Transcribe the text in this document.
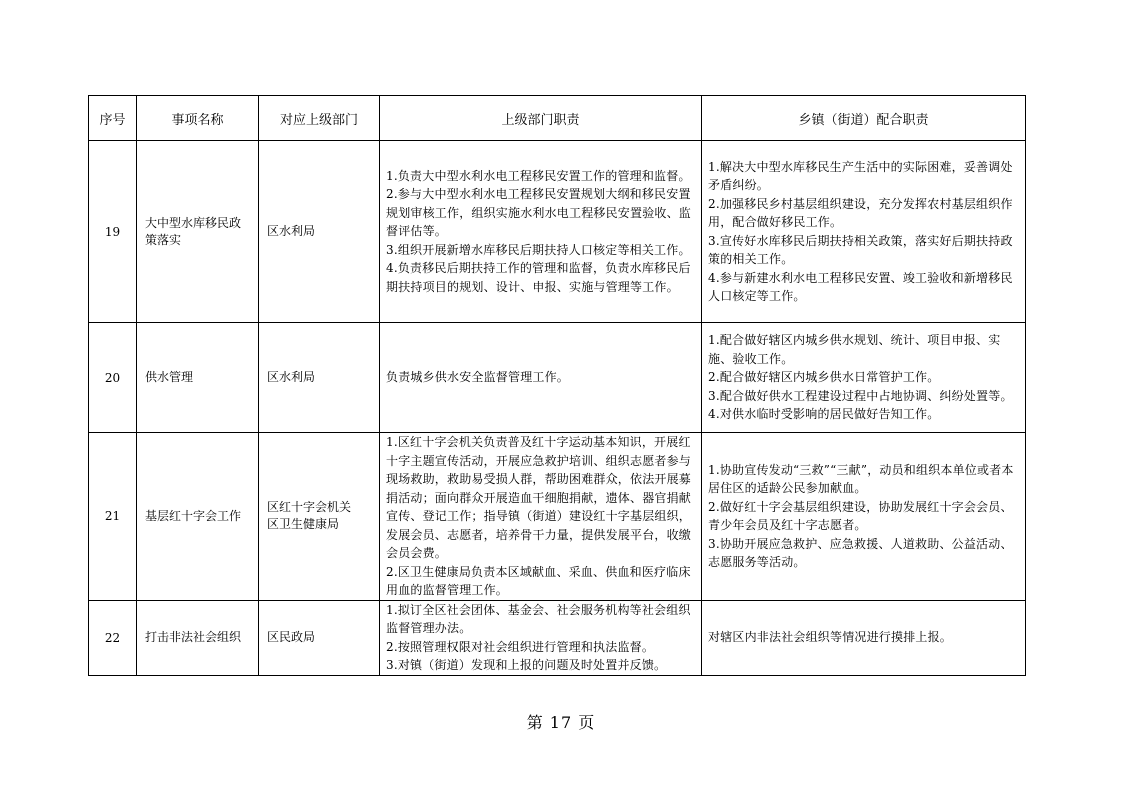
序号	事项名称	对应上级部门	上级部门职责	乡镇（街道）配合职责
19	大中型水库移民政策落实	区水利局	1.负责大中型水利水电工程移民安置工作的管理和监督。
2.参与大中型水利水电工程移民安置规划大纲和移民安置规划审核工作，组织实施水利水电工程移民安置验收、监督评估等。
3.组织开展新增水库移民后期扶持人口核定等相关工作。
4.负责移民后期扶持工作的管理和监督，负责水库移民后期扶持项目的规划、设计、申报、实施与管理等工作。	1.解决大中型水库移民生产生活中的实际困难，妥善调处矛盾纠纷。
2.加强移民乡村基层组织建设，充分发挥农村基层组织作用，配合做好移民工作。
3.宣传好水库移民后期扶持相关政策，落实好后期扶持政策的相关工作。
4.参与新建水利水电工程移民安置、竣工验收和新增移民人口核定等工作。

20	供水管理	区水利局	负责城乡供水安全监督管理工作。	1.配合做好辖区内城乡供水规划、统计、项目申报、实施、验收工作。
2.配合做好辖区内城乡供水日常管护工作。
3.配合做好供水工程建设过程中占地协调、纠纷处置等。
4.对供水临时受影响的居民做好告知工作。

21	基层红十字会工作	区红十字会机关
区卫生健康局	1.区红十字会机关负责普及红十字运动基本知识，开展红十字主题宣传活动，开展应急救护培训、组织志愿者参与现场救助，救助易受损人群，帮助困难群众，依法开展募捐活动；面向群众开展造血干细胞捐献，遗体、器官捐献宣传、登记工作；指导镇（街道）建设红十字基层组织，发展会员、志愿者，培养骨干力量，提供发展平台，收缴会员会费。
2.区卫生健康局负责本区域献血、采血、供血和医疗临床用血的监督管理工作。	1.协助宣传发动“三救”“三献”，动员和组织本单位或者本居住区的适龄公民参加献血。
2.做好红十字会基层组织建设，协助发展红十字会会员、青少年会员及红十字志愿者。
3.协助开展应急救护、应急救援、人道救助、公益活动、志愿服务等活动。

22	打击非法社会组织	区民政局	1.拟订全区社会团体、基金会、社会服务机构等社会组织监督管理办法。
2.按照管理权限对社会组织进行管理和执法监督。
3.对镇（街道）发现和上报的问题及时处置并反馈。	对辖区内非法社会组织等情况进行摸排上报。
第 17 页
